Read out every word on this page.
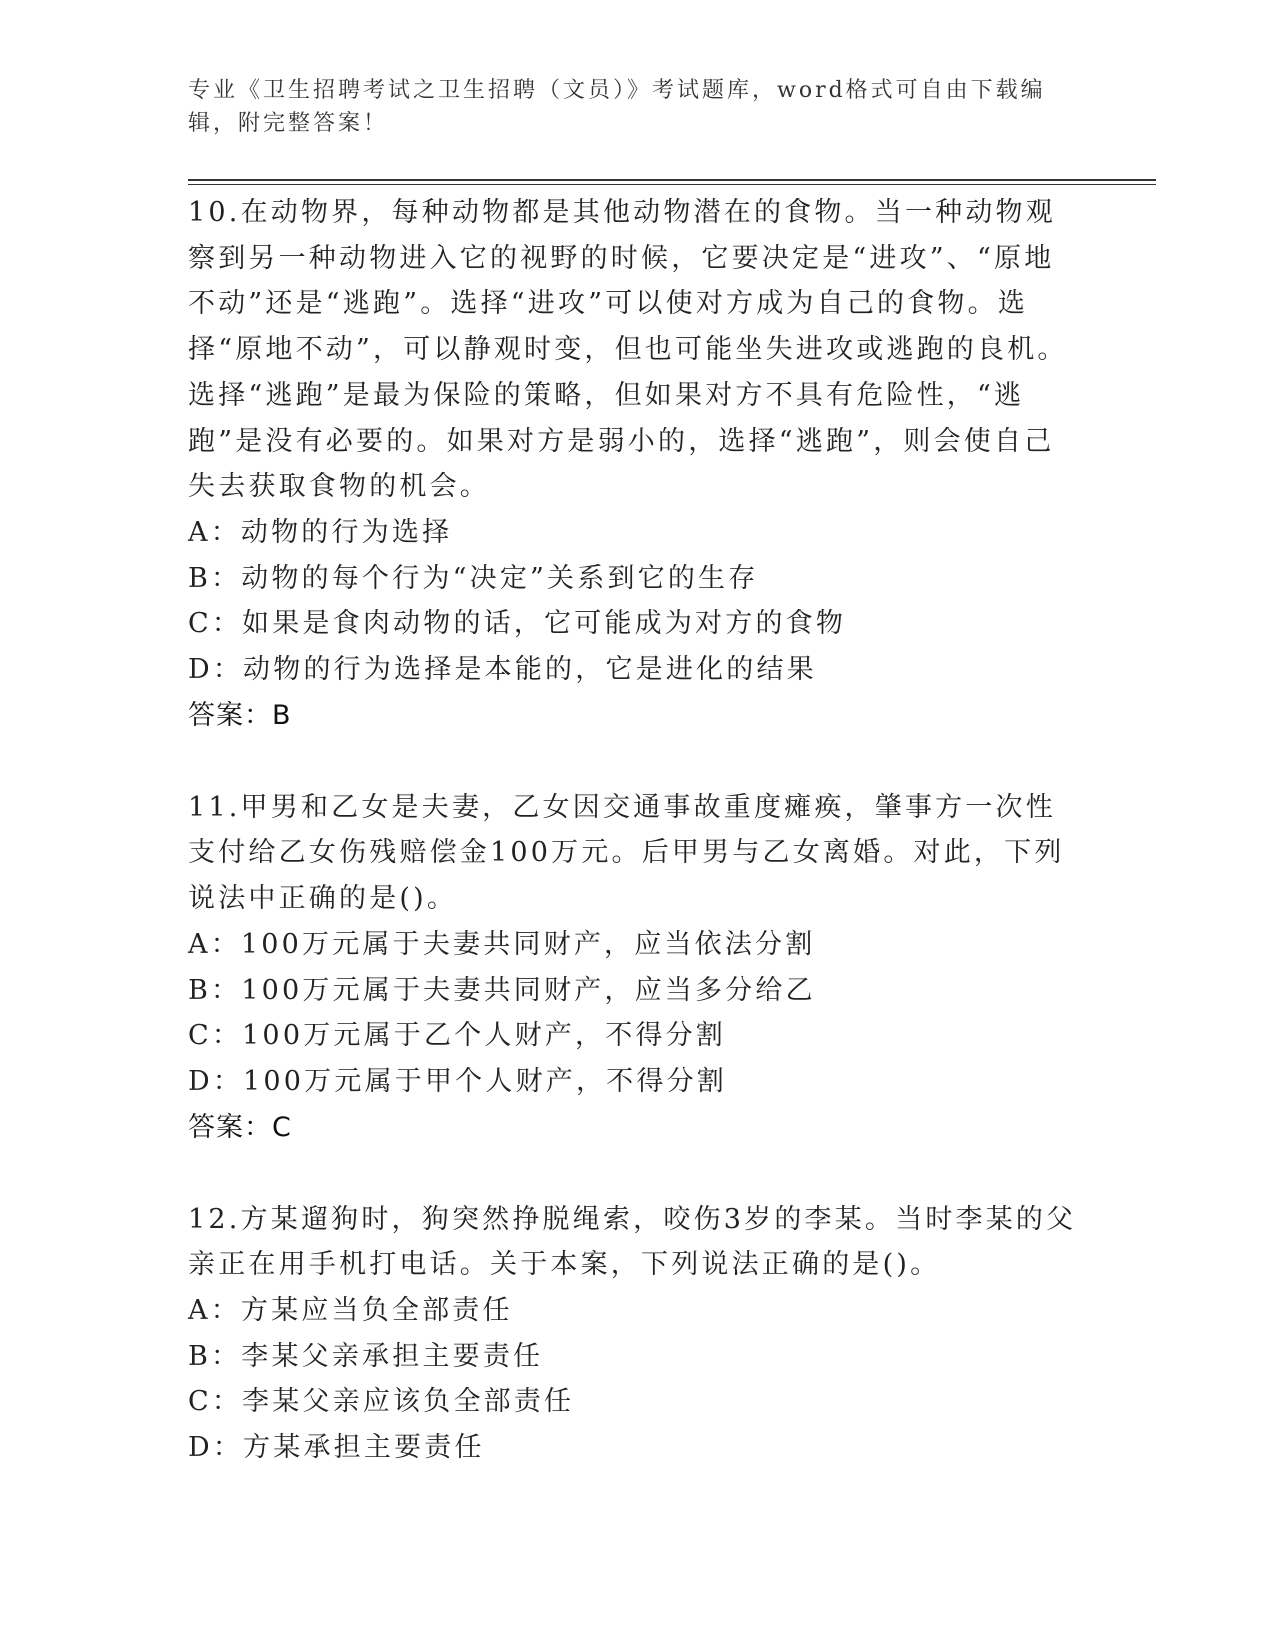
专业《卫生招聘考试之卫生招聘（文员）》考试题库，word格式可自由下载编辑，附完整答案！
10.在动物界，每种动物都是其他动物潜在的食物。当一种动物观察到另一种动物进入它的视野的时候，它要决定是“进攻”、“原地不动”还是“逃跑”。选择“进攻”可以使对方成为自己的食物。选择“原地不动”，可以静观时变，但也可能坐失进攻或逃跑的良机。选择“逃跑”是最为保险的策略，但如果对方不具有危险性，“逃跑”是没有必要的。如果对方是弱小的，选择“逃跑”，则会使自己失去获取食物的机会。
A：动物的行为选择
B：动物的每个行为“决定”关系到它的生存
C：如果是食肉动物的话，它可能成为对方的食物
D：动物的行为选择是本能的，它是进化的结果
答案：B
11.甲男和乙女是夫妻，乙女因交通事故重度瘫痪，肇事方一次性支付给乙女伤残赔偿金100万元。后甲男与乙女离婚。对此，下列说法中正确的是()。
A：100万元属于夫妻共同财产，应当依法分割
B：100万元属于夫妻共同财产，应当多分给乙
C：100万元属于乙个人财产，不得分割
D：100万元属于甲个人财产，不得分割
答案：C
12.方某遛狗时，狗突然挣脱绳索，咬伤3岁的李某。当时李某的父亲正在用手机打电话。关于本案，下列说法正确的是()。
A：方某应当负全部责任
B：李某父亲承担主要责任
C：李某父亲应该负全部责任
D：方某承担主要责任
